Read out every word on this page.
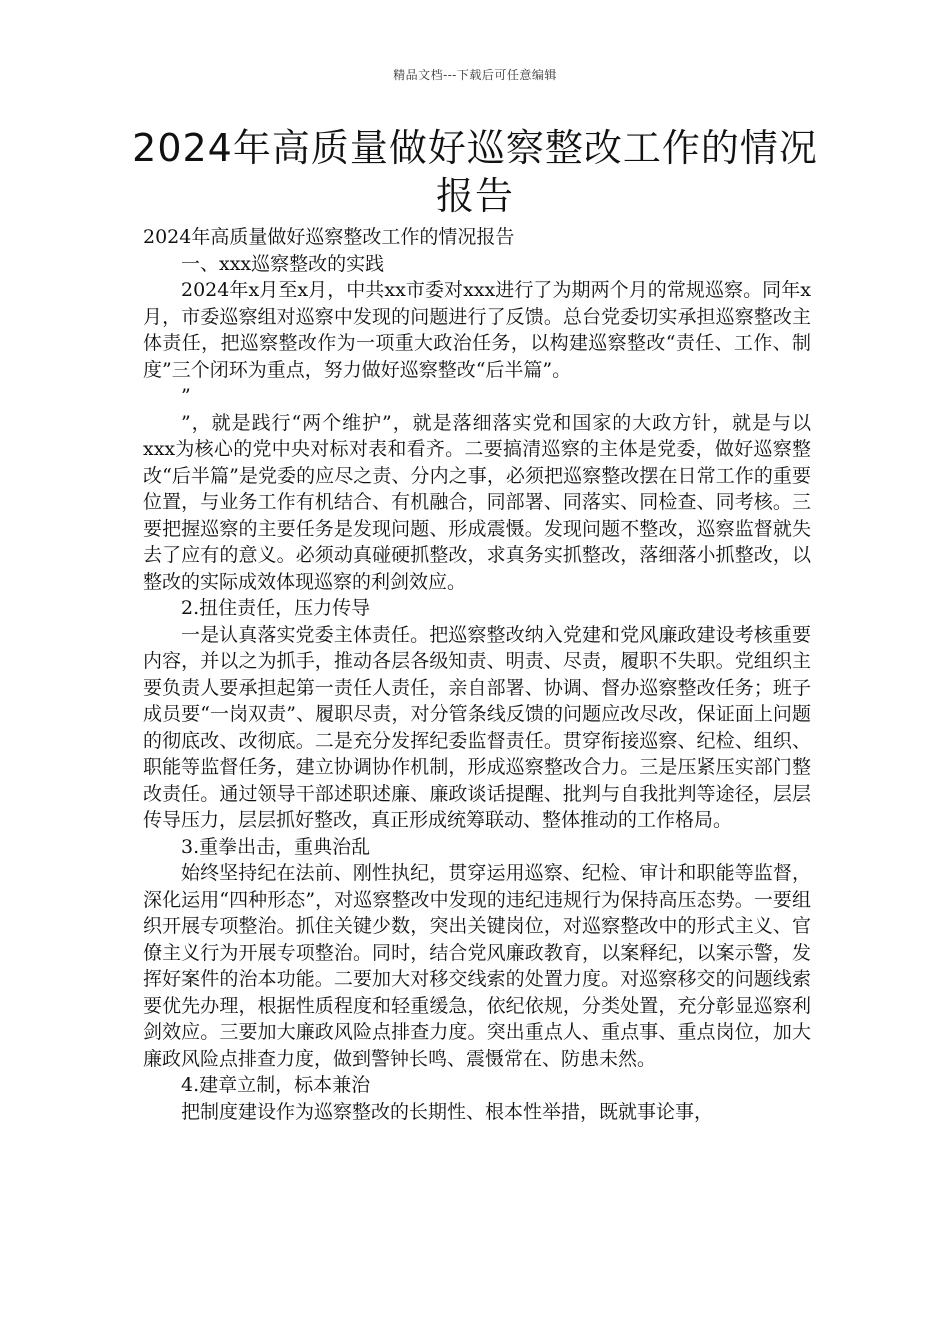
精品文档---下载后可任意编辑
2024年高质量做好巡察整改工作的情况报告

2024年高质量做好巡察整改工作的情况报告

一、xxx巡察整改的实践

2024年x月至x月，中共xx市委对xxx进行了为期两个月的常规巡察。同年x月，市委巡察组对巡察中发现的问题进行了反馈。总台党委切实承担巡察整改主体责任，把巡察整改作为一项重大政治任务，以构建巡察整改“责任、工作、制度”三个闭环为重点，努力做好巡察整改“后半篇”。

”

”，就是践行“两个维护”，就是落细落实党和国家的大政方针，就是与以xxx为核心的党中央对标对表和看齐。二要搞清巡察的主体是党委，做好巡察整改“后半篇”是党委的应尽之责、分内之事，必须把巡察整改摆在日常工作的重要位置，与业务工作有机结合、有机融合，同部署、同落实、同检查、同考核。三要把握巡察的主要任务是发现问题、形成震慑。发现问题不整改，巡察监督就失去了应有的意义。必须动真碰硬抓整改，求真务实抓整改，落细落小抓整改，以整改的实际成效体现巡察的利剑效应。

2.扭住责任，压力传导

一是认真落实党委主体责任。把巡察整改纳入党建和党风廉政建设考核重要内容，并以之为抓手，推动各层各级知责、明责、尽责，履职不失职。党组织主要负责人要承担起第一责任人责任，亲自部署、协调、督办巡察整改任务；班子成员要“一岗双责”、履职尽责，对分管条线反馈的问题应改尽改，保证面上问题的彻底改、改彻底。二是充分发挥纪委监督责任。贯穿衔接巡察、纪检、组织、职能等监督任务，建立协调协作机制，形成巡察整改合力。三是压紧压实部门整改责任。通过领导干部述职述廉、廉政谈话提醒、批判与自我批判等途径，层层传导压力，层层抓好整改，真正形成统筹联动、整体推动的工作格局。

3.重拳出击，重典治乱

始终坚持纪在法前、刚性执纪，贯穿运用巡察、纪检、审计和职能等监督，深化运用“四种形态”，对巡察整改中发现的违纪违规行为保持高压态势。一要组织开展专项整治。抓住关键少数，突出关键岗位，对巡察整改中的形式主义、官僚主义行为开展专项整治。同时，结合党风廉政教育，以案释纪，以案示警，发挥好案件的治本功能。二要加大对移交线索的处置力度。对巡察移交的问题线索要优先办理，根据性质程度和轻重缓急，依纪依规，分类处置，充分彰显巡察利剑效应。三要加大廉政风险点排查力度。突出重点人、重点事、重点岗位，加大廉政风险点排查力度，做到警钟长鸣、震慑常在、防患未然。

4.建章立制，标本兼治

把制度建设作为巡察整改的长期性、根本性举措，既就事论事，
